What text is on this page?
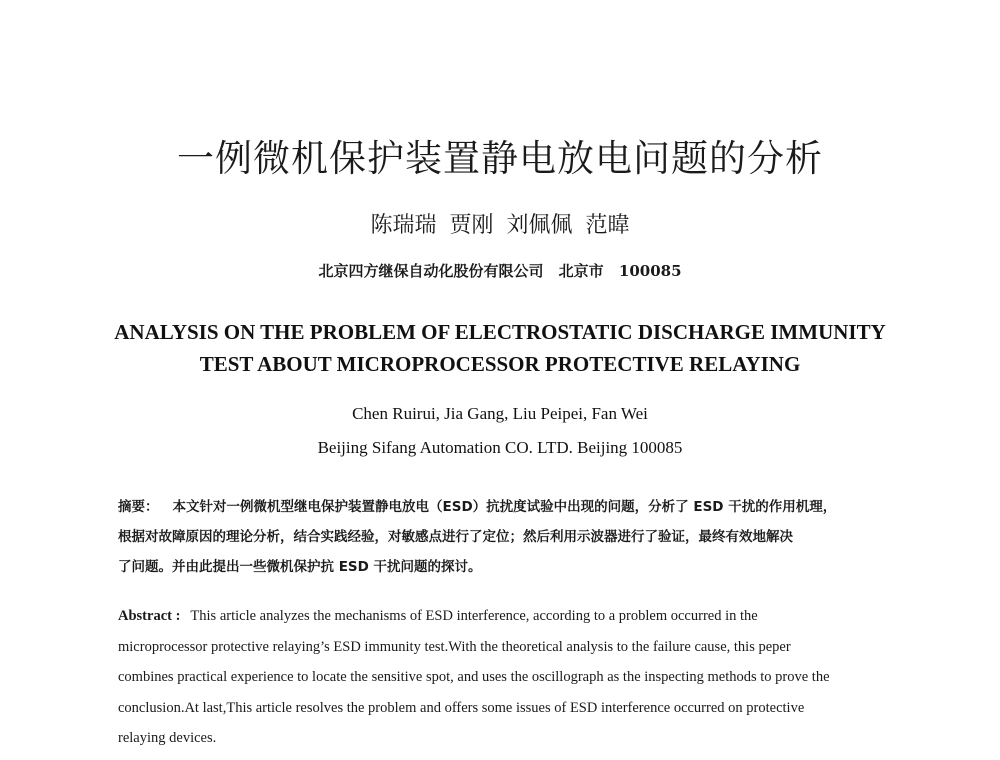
一例微机保护装置静电放电问题的分析
陈瑞瑞 贾刚 刘佩佩 范暐
北京四方继保自动化股份有限公司 北京市 100085
ANALYSIS ON THE PROBLEM OF ELECTROSTATIC DISCHARGE IMMUNITY
TEST ABOUT MICROPROCESSOR PROTECTIVE RELAYING
Chen Ruirui, Jia Gang, Liu Peipei, Fan Wei
Beijing Sifang Automation CO. LTD. Beijing 100085
摘要： 本文针对一例微机型继电保护装置静电放电（ESD）抗扰度试验中出现的问题，分析了 ESD 干扰的作用机理，
根据对故障原因的理论分析，结合实践经验，对敏感点进行了定位；然后利用示波器进行了验证，最终有效地解决
了问题。并由此提出一些微机保护抗 ESD 干扰问题的探讨。
Abstract : This article analyzes the mechanisms of ESD interference, according to a problem occurred in the
microprocessor protective relaying’s ESD immunity test.With the theoretical analysis to the failure cause, this peper
combines practical experience to locate the sensitive spot, and uses the oscillograph as the inspecting methods to prove the
conclusion.At last,This article resolves the problem and offers some issues of ESD interference occurred on protective
relaying devices.
